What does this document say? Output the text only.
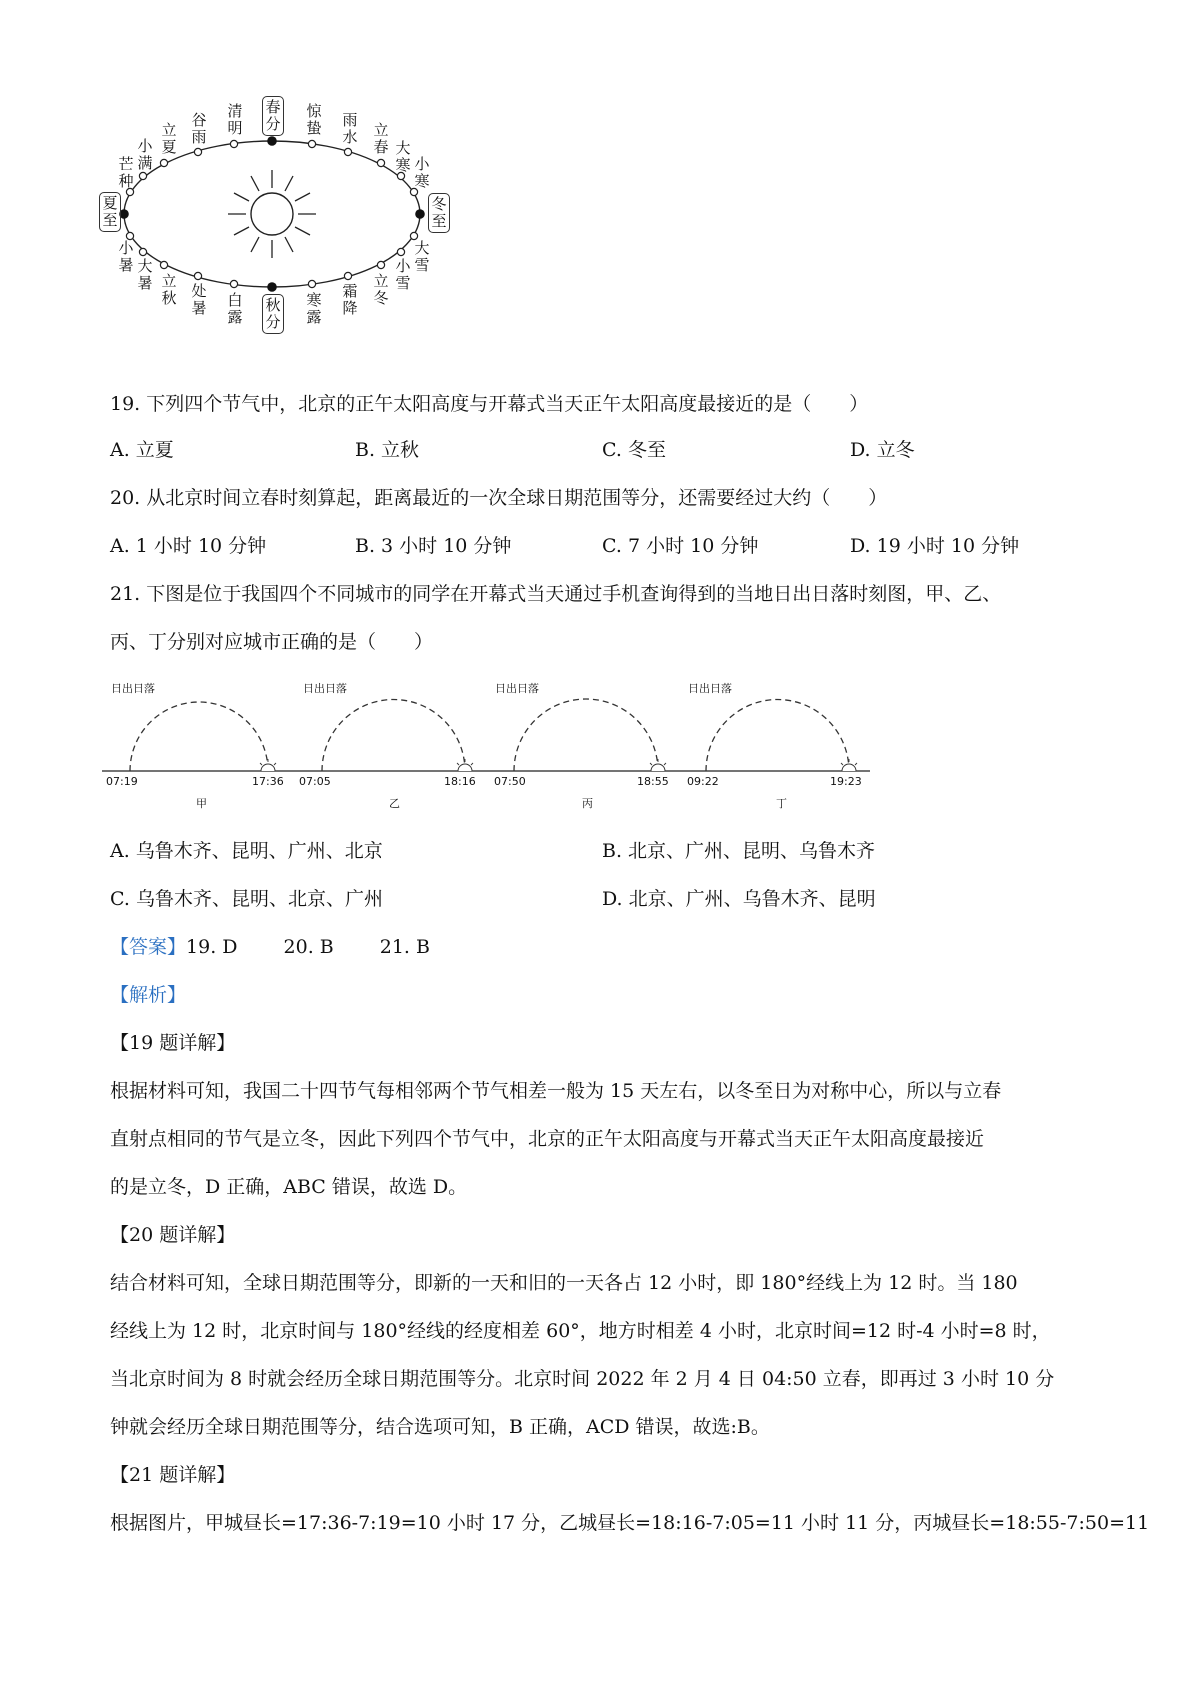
春
分
惊
蛰 雨
水 立
春 大
寒 小
寒
清
明
谷
雨
立
夏
小
满
芒
种
夏
至
冬
至
小
暑 大
暑 立
秋 处
暑 白
露
秋
分
寒
露
霜
降
立
冬
小
雪
大
雪
19. 下列四个节气中，北京的正午太阳高度与开幕式当天正午太阳高度最接近的是（　　）
A. 立夏	B. 立秋	C. 冬至	D. 立冬
20. 从北京时间立春时刻算起，距离最近的一次全球日期范围等分，还需要经过大约（　　）
A. 1 小时 10 分钟	B. 3 小时 10 分钟	C. 7 小时 10 分钟	D. 19 小时 10 分钟
21. 下图是位于我国四个不同城市的同学在开幕式当天通过手机查询得到的当地日出日落时刻图，甲、乙、
丙、丁分别对应城市正确的是（　　）
日出日落
07:19	17:36
甲
日出日落
07:05	18:16
乙
日出日落
07:50	18:55
丙
日出日落
09:22	19:23
丁
A. 乌鲁木齐、昆明、广州、北京	B. 北京、广州、昆明、乌鲁木齐
C. 乌鲁木齐、昆明、北京、广州	D. 北京、广州、乌鲁木齐、昆明
【答案】19. D 20. B 21. B
【解析】
【19 题详解】
根据材料可知，我国二十四节气每相邻两个节气相差一般为 15 天左右，以冬至日为对称中心，所以与立春
直射点相同的节气是立冬，因此下列四个节气中，北京的正午太阳高度与开幕式当天正午太阳高度最接近
的是立冬，D 正确，ABC 错误，故选 D。
【20 题详解】
结合材料可知，全球日期范围等分，即新的一天和旧的一天各占 12 小时，即 180°经线上为 12 时。当 180
经线上为 12 时，北京时间与 180°经线的经度相差 60°，地方时相差 4 小时，北京时间=12 时-4 小时=8 时，
当北京时间为 8 时就会经历全球日期范围等分。北京时间 2022 年 2 月 4 日 04:50 立春，即再过 3 小时 10 分
钟就会经历全球日期范围等分，结合选项可知，B 正确，ACD 错误，故选:B。
【21 题详解】
根据图片，甲城昼长=17:36-7:19=10 小时 17 分，乙城昼长=18:16-7:05=11 小时 11 分，丙城昼长=18:55-7:50=11
